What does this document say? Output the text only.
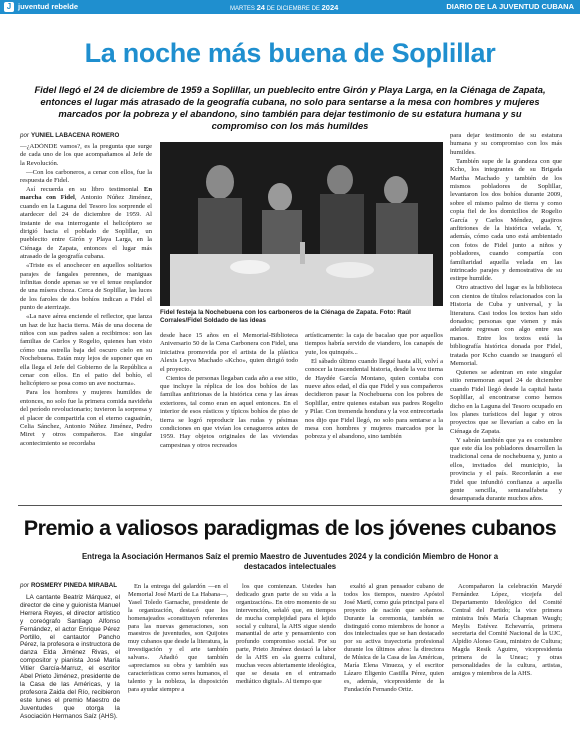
J juventud rebelde	MARTES 24 DE DICIEMBRE DE 2024	DIARIO DE LA JUVENTUD CUBANA
La noche más buena de Soplillar
Fidel llegó el 24 de diciembre de 1959 a Soplillar, un pueblecito entre Girón y Playa Larga, en la Ciénaga de Zapata, entonces el lugar más atrasado de la geografía cubana, no solo para sentarse a la mesa con hombres y mujeres marcados por la pobreza y el abandono, sino también para dejar testimonio de su estatura humana y su compromiso con los más humildes
por YUNIEL LABACENA ROMERO

—¿ADÓNDE vamos?, es la pregunta que surge de cada uno de los que acompañamos al Jefe de la Revolución.

—Con los carboneros, a cenar con ellos, fue la respuesta de Fidel.

Así recuerda en su libro testimonial En marcha con Fidel, Antonio Núñez Jiménez, cuando en la Laguna del Tesoro los sorprende el atardecer del 24 de diciembre de 1959. Al instante de esa interrogante el helicóptero se dirigió hacia el poblado de Soplillar, un pueblecito entre Girón y Playa Larga, en la Ciénaga de Zapata, entonces el lugar más atrasado de la geografía cubana.

«Triste es el anochecer en aquellos solitarios parajes de fangales perennes, de maniguas infinitas donde apenas se ve el tenue resplandor de una mísera choza. Cerca de Soplillar, las luces de los faroles de dos bohíos indican a Fidel el punto de aterrizaje.

«La nave aérea enciende el reflector, que lanza un haz de luz hacia tierra. Más de una docena de niños con sus padres salen a recibirnos: son las familias de Carlos y Rogelio, quienes han visto cómo una estrella baja del oscuro cielo en su Nochebuena. Están muy lejos de suponer que en ella llega el Jefe del Gobierno de la República a cenar con ellos. En el patio del bohío, el helicóptero se posa como un ave nocturna».

Para los hombres y mujeres humildes de entonces, no solo fue la primera comida navideña del período revolucionario; tuvieron la sorpresa y el placer de compartirla con el eterno caguairán, Celia Sánchez, Antonio Núñez Jiménez, Pedro Miret y otros compañeros. Ese singular acontecimiento se recordaba

Fidel festeja la Nochebuena con los carboneros de la Ciénaga de Zapata. Foto: Raúl Corrales/Fidel Soldado de las ideas

desde hace 15 años en el Memorial-Biblioteca Aniversario 50 de la Cena Carbonera con Fidel, una iniciativa promovida por el artista de la plástica Alexis Leyva Machado «Kcho», quien dirigió todo el proyecto.

Cientos de personas llegaban cada año a ese sitio, que incluye la réplica de los dos bohíos de las familias anfitrionas de la histórica cena y las áreas exteriores, tal como eran en aquel entonces. En el interior de esos rústicos y típicos bohíos de piso de tierra se logró reproducir las rudas y pésimas condiciones en que vivían los cenagueros antes de 1959. Hay objetos originales de las viviendas campesinas y otros recreados

artísticamente: la caja de bacalao que por aquellos tiempos habría servido de viandero, los canapés de yute, los quinqués...

El sábado último cuando llegué hasta allí, volví a conocer la trascendental historia, desde la voz tierna de Haydée García Montano, quien contaba con nueve años edad, el día que Fidel y sus compañeros decidieron pasar la Nochebuena con los pobres de Soplillar, entre quienes estaban sus padres Rogelio y Pilar. Con tremenda hondura y la voz entrecortada nos dijo que Fidel llegó, no solo para sentarse a la mesa con hombres y mujeres marcados por la pobreza y el abandono, sino también

para dejar testimonio de su estatura humana y su compromiso con los más humildes.

También supe de la grandeza con que Kcho, los integrantes de su Brigada Martha Machado y también de los mismos pobladores de Soplillar, levantaron los dos bohíos durante 2009, sobre el mismo palmo de tierra y como copia fiel de los domicilios de Rogelio García y Carlos Méndez, guajiros anfitriones de la histórica velada. Y, además, cómo cada uno está ambientado con fotos de Fidel junto a niños y pobladores, cuando compartía con familiaridad aquella velada en las intrincado parajes y demostrativa de su estirpe humilde.

Otro atractivo del lugar es la biblioteca con cientos de títulos relacionados con la Historia de Cuba y universal, y la literatura. Casi todos los textos han sido donados; personas que vienen y más adelante regresan con algo entre sus manos. Entre los textos está la bibliografía histórica donada por Fidel, tratada por Kcho cuando se inauguró el Memorial.

Quienes se adentran en este singular sitio rememoran aquel 24 de diciembre cuando Fidel llegó desde la capital hasta Soplillar, al encontrarse como hemos dicho en la Laguna del Tesoro ocupado en los planes turísticos del lugar y otros proyectos que se llevarían a cabo en la Ciénaga de Zapata.

Y sabrán también que ya es costumbre que este día los pobladores desarrollen la tradicional cena de nochebuena y, junto a ellos, invitados del municipio, la provincia y el país. Recordarán a ese Fidel que infundió confianza a aquella gente sencilla, semianalfabeta y desamparada durante muchos años.

Premio a valiosos paradigmas de los jóvenes cubanos
Entrega la Asociación Hermanos Saíz el premio Maestro de Juventudes 2024 y la condición Miembro de Honor a destacados intelectuales
por ROSMERY PINEDA MIRABAL

LA cantante Beatriz Márquez, el director de cine y guionista Manuel Herrera Reyes, el director artístico y coreógrafo Santiago Alfonso Fernández, el actor Enrique Pérez Portillo, el cantautor Pancho Pérez, la profesora e instructora de danza Elda Jiménez Rivas, el compositor y pianista José María Vitier García-Marruz, el escritor Abel Prieto Jiménez, presidente de la Casa de las Américas, y la profesora Zaida del Río, recibieron este lunes el premio Maestro de Juventudes que otorga la Asociación Hermanos Saíz (AHS).

En la entrega del galardón —en el Memorial José Martí de La Habana—, Yasel Toledo Garnache, presidente de la organización, destacó que los homenajeados «constituyen referentes para las nuevas generaciones, son maestros de juventudes, son Quijotes muy cubanos que desde la literatura, la investigación y el arte también salvan». Añadió que también «apreciamos su obra y también sus características como seres humanos, el talento y la nobleza, la disposición para ayudar siempre a

los que comienzan. Ustedes han dedicado gran parte de su vida a la organización». En otro momento de su intervención, señaló que, en tiempos de mucha complejidad para el lejido social y cultural, la AHS sigue siendo manantial de arte y pensamiento con profundo compromiso social. Por su parte, Prieto Jiménez destacó la labor de la AHS en «la guerra cultural, muchas veces abiertamente ideológica, que se desata en el entramado mediático digital». Al tiempo que

exaltó al gran pensador cubano de todos los tiempos, nuestro Apóstol José Martí, como guía principal para el proyecto de nación que soñamos. Durante la ceremonia, también se distinguió como miembros de honor a dos intelectuales que se han destacado por su activa trayectoria profesional durante los últimos años: la directora de Música de la Casa de las Américas, María Elena Vinueza, y el escritor Lázaro Eligenio Castilla Pérez, quien es, además, vicepresidente de la Fundación Fernando Ortiz.

Acompañaron la celebración Marydé Fernández López, vicejefa del Departamento Ideológico del Comité Central del Partido; la vice primera ministra Inés María Chapman Waugh; Meylis Estévez Echevarría, primera secretaria del Comité Nacional de la UJC, Alpidio Alonso Grau, ministro de Cultura; Magda Resik Aguirre, vicepresidenta primera de la Uneac; y otras personalidades de la cultura, artistas, amigos y miembros de la AHS.
